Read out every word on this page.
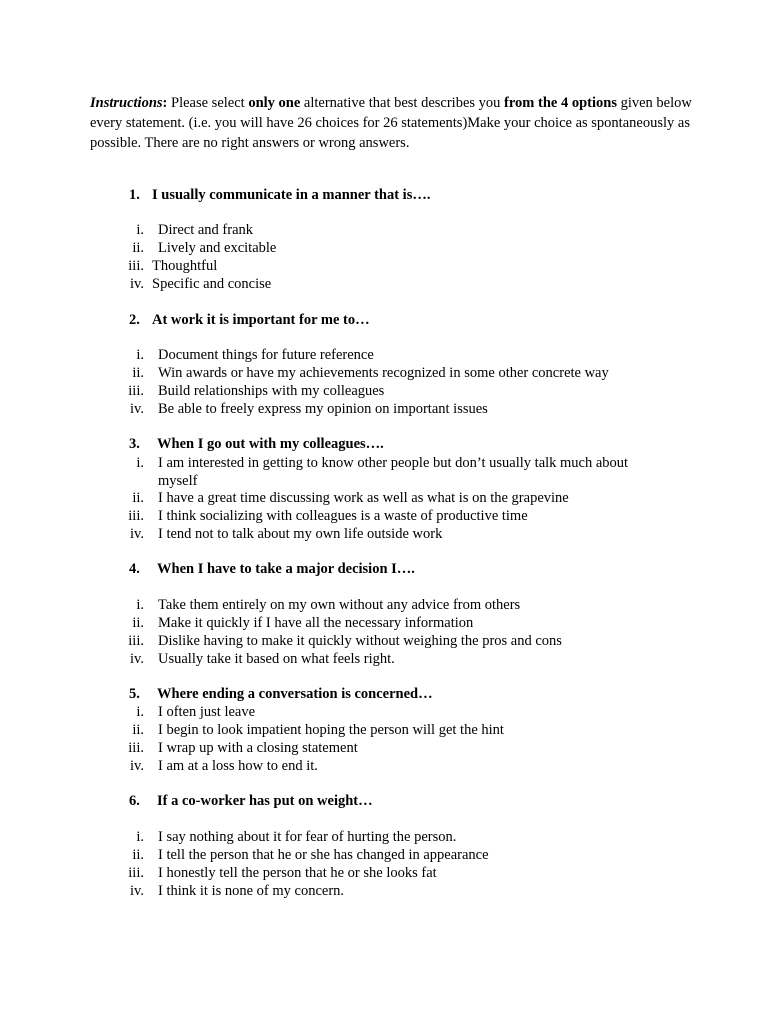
Instructions: Please select only one alternative that best describes you from the 4 options given below every statement. (i.e. you will have 26 choices for 26 statements)Make your choice as spontaneously as possible. There are no right answers or wrong answers.
1. I usually communicate in a manner that is….
i. Direct and frank
ii. Lively and excitable
iii. Thoughtful
iv. Specific and concise
2. At work it is important for me to…
i. Document things for future reference
ii. Win awards or have my achievements recognized in some other concrete way
iii. Build relationships with my colleagues
iv. Be able to freely express my opinion on important issues
3. When I go out with my colleagues….
i. I am interested in getting to know other people but don’t usually talk much about myself
ii. I have a great time discussing work as well as what is on the grapevine
iii. I think socializing with colleagues is a waste of productive time
iv. I tend not to talk about my own life outside work
4. When I have to take a major decision I….
i. Take them entirely on my own without any advice from others
ii. Make it quickly if I have all the necessary information
iii. Dislike having to make it quickly without weighing the pros and cons
iv. Usually take it based on what feels right.
5. Where ending a conversation is concerned…
i. I often just leave
ii. I begin to look impatient hoping the person will get the hint
iii. I wrap up with a closing statement
iv. I am at a loss how to end it.
6. If a co-worker has put on weight…
i. I say nothing about it for fear of hurting the person.
ii. I tell the person that he or she has changed in appearance
iii. I honestly tell the person that he or she looks fat
iv. I think it is none of my concern.
